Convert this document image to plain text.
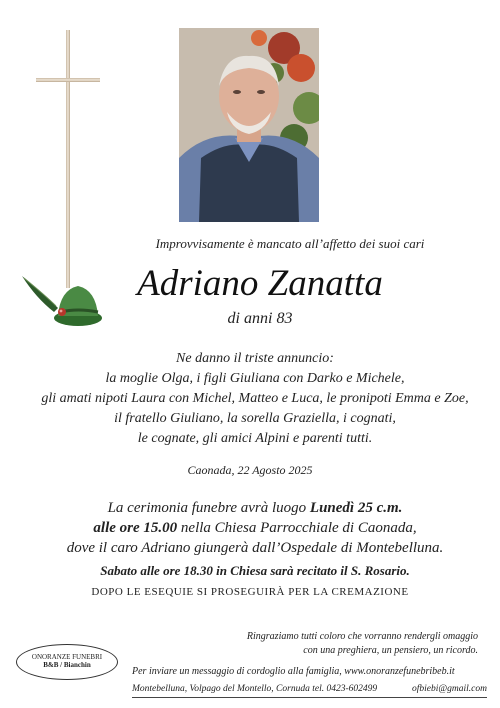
Improvvisamente è mancato all’affetto dei suoi cari
Adriano Zanatta
di anni 83
Ne danno il triste annuncio:
la moglie Olga, i figli Giuliana con Darko e Michele,
gli amati nipoti Laura con Michel, Matteo e Luca, le pronipoti Emma e Zoe,
il fratello Giuliano, la sorella Graziella, i cognati,
le cognate, gli amici Alpini e parenti tutti.
Caonada, 22 Agosto 2025
La cerimonia funebre avrà luogo Lunedì 25 c.m.
alle ore 15.00 nella Chiesa Parrocchiale di Caonada,
dove il caro Adriano giungerà dall’Ospedale di Montebelluna.
Sabato alle ore 18.30 in Chiesa sarà recitato il S. Rosario.
DOPO LE ESEQUIE SI PROSEGUIRÀ PER LA CREMAZIONE
Ringraziamo tutti coloro che vorranno rendergli omaggio
con una preghiera, un pensiero, un ricordo.
ONORANZE FUNEBRI
B&B / Bianchin
Per inviare un messaggio di cordoglio alla famiglia, www.onoranzefunebribeb.it
Montebelluna, Volpago del Montello, Cornuda tel. 0423-602499	ofbiebi@gmail.com
